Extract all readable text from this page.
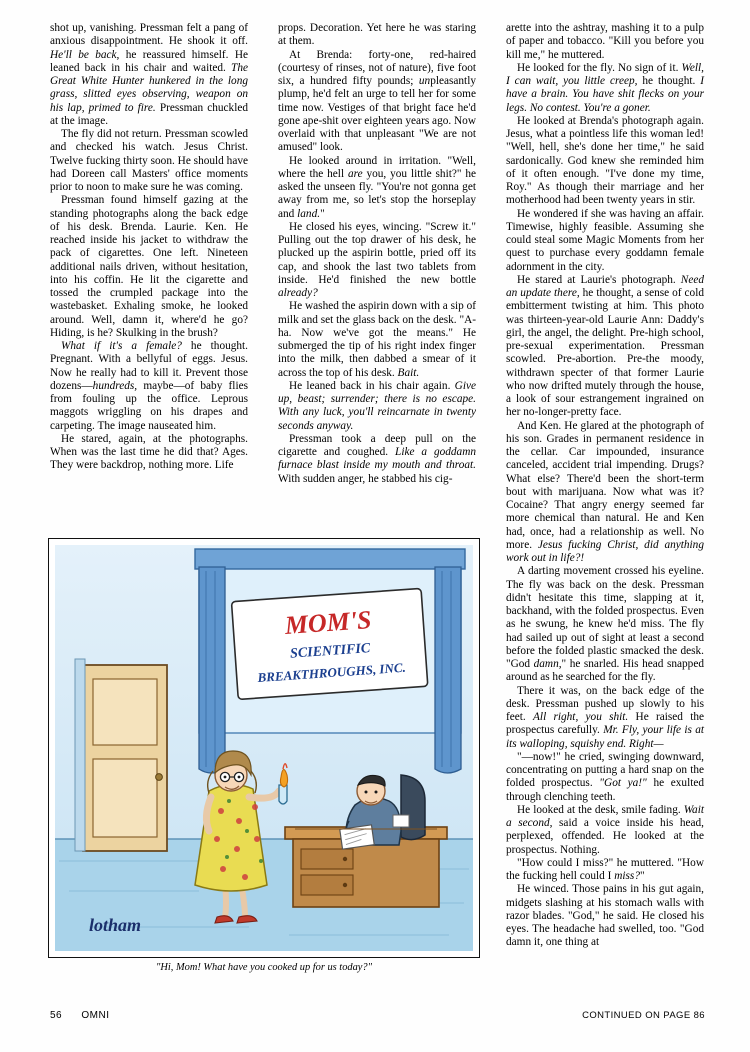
shot up, vanishing. Pressman felt a pang of anxious disappointment. He shook it off. He'll be back, he reassured himself. He leaned back in his chair and waited. The Great White Hunter hunkered in the long grass, slitted eyes observing, weapon on his lap, primed to fire. Pressman chuckled at the image.

The fly did not return. Pressman scowled and checked his watch. Jesus Christ. Twelve fucking thirty soon. He should have had Doreen call Masters' office moments prior to noon to make sure he was coming.

Pressman found himself gazing at the standing photographs along the back edge of his desk. Brenda. Laurie. Ken. He reached inside his jacket to withdraw the pack of cigarettes. One left. Nineteen additional nails driven, without hesitation, into his coffin. He lit the cigarette and tossed the crumpled package into the wastebasket. Exhaling smoke, he looked around. Well, damn it, where'd he go? Hiding, is he? Skulking in the brush?

What if it's a female? he thought. Pregnant. With a bellyful of eggs. Jesus. Now he really had to kill it. Prevent those dozens—hundreds, maybe—of baby flies from fouling up the office. Leprous maggots wriggling on his drapes and carpeting. The image nauseated him.

He stared, again, at the photographs. When was the last time he did that? Ages. They were backdrop, nothing more. Life

props. Decoration. Yet here he was staring at them.

At Brenda: forty-one, red-haired (courtesy of rinses, not of nature), five foot six, a hundred fifty pounds; unpleasantly plump, he'd felt an urge to tell her for some time now. Vestiges of that bright face he'd gone ape-shit over eighteen years ago. Now overlaid with that unpleasant "We are not amused" look.

He looked around in irritation. "Well, where the hell are you, you little shit?" he asked the unseen fly. "You're not gonna get away from me, so let's stop the horseplay and land."

He closed his eyes, wincing. "Screw it." Pulling out the top drawer of his desk, he plucked up the aspirin bottle, pried off its cap, and shook the last two tablets from inside. He'd finished the new bottle already?

He washed the aspirin down with a sip of milk and set the glass back on the desk. "A-ha. Now we've got the means." He submerged the tip of his right index finger into the milk, then dabbed a smear of it across the top of his desk. Bait.

He leaned back in his chair again. Give up, beast; surrender; there is no escape. With any luck, you'll reincarnate in twenty seconds anyway.

Pressman took a deep pull on the cigarette and coughed. Like a goddamn furnace blast inside my mouth and throat. With sudden anger, he stabbed his cig-

arette into the ashtray, mashing it to a pulp of paper and tobacco. "Kill you before you kill me," he muttered.

He looked for the fly. No sign of it. Well, I can wait, you little creep, he thought. I have a brain. You have shit flecks on your legs. No contest. You're a goner.

He looked at Brenda's photograph again. Jesus, what a pointless life this woman led! "Well, hell, she's done her time," he said sardonically. God knew she reminded him of it often enough. "I've done my time, Roy." As though their marriage and her motherhood had been twenty years in stir.

He wondered if she was having an affair. Timewise, highly feasible. Assuming she could steal some Magic Moments from her quest to purchase every goddamn female adornment in the city.

He stared at Laurie's photograph. Need an update there, he thought, a sense of cold embitterment twisting at him. This photo was thirteen-year-old Laurie Ann: Daddy's girl, the angel, the delight. Pre-high school, pre-sexual experimentation. Pressman scowled. Pre-abortion. Pre-the moody, withdrawn specter of that former Laurie who now drifted mutely through the house, a look of sour estrangement ingrained on her no-longer-pretty face.

And Ken. He glared at the photograph of his son. Grades in permanent residence in the cellar. Car impounded, insurance canceled, accident trial impending. Drugs? What else? There'd been the short-term bout with marijuana. Now what was it? Cocaine? That angry energy seemed far more chemical than natural. He and Ken had, once, had a relationship as well. No more. Jesus fucking Christ, did anything work out in life?!

A darting movement crossed his eyeline. The fly was back on the desk. Pressman didn't hesitate this time, slapping at it, backhand, with the folded prospectus. Even as he swung, he knew he'd miss. The fly had sailed up out of sight at least a second before the folded plastic smacked the desk. "God damn," he snarled. His head snapped around as he searched for the fly.

There it was, on the back edge of the desk. Pressman pushed up slowly to his feet. All right, you shit. He raised the prospectus carefully. Mr. Fly, your life is at its walloping, squishy end. Right—

"—now!" he cried, swinging downward, concentrating on putting a hard snap on the folded prospectus. "Got ya!" he exulted through clenching teeth.

He looked at the desk, smile fading. Wait a second, said a voice inside his head, perplexed, offended. He looked at the prospectus. Nothing.

"How could I miss?" he muttered. "How the fucking hell could I miss?"

He winced. Those pains in his gut again, midgets slashing at his stomach walls with razor blades. "God," he said. He closed his eyes. The headache had swelled, too. "God damn it, one thing at

MOM'S
SCIENTIFIC
BREAKTHROUGHS, INC.
lotham
"Hi, Mom! What have you cooked up for us today?"
56 OMNI	CONTINUED ON PAGE 86
